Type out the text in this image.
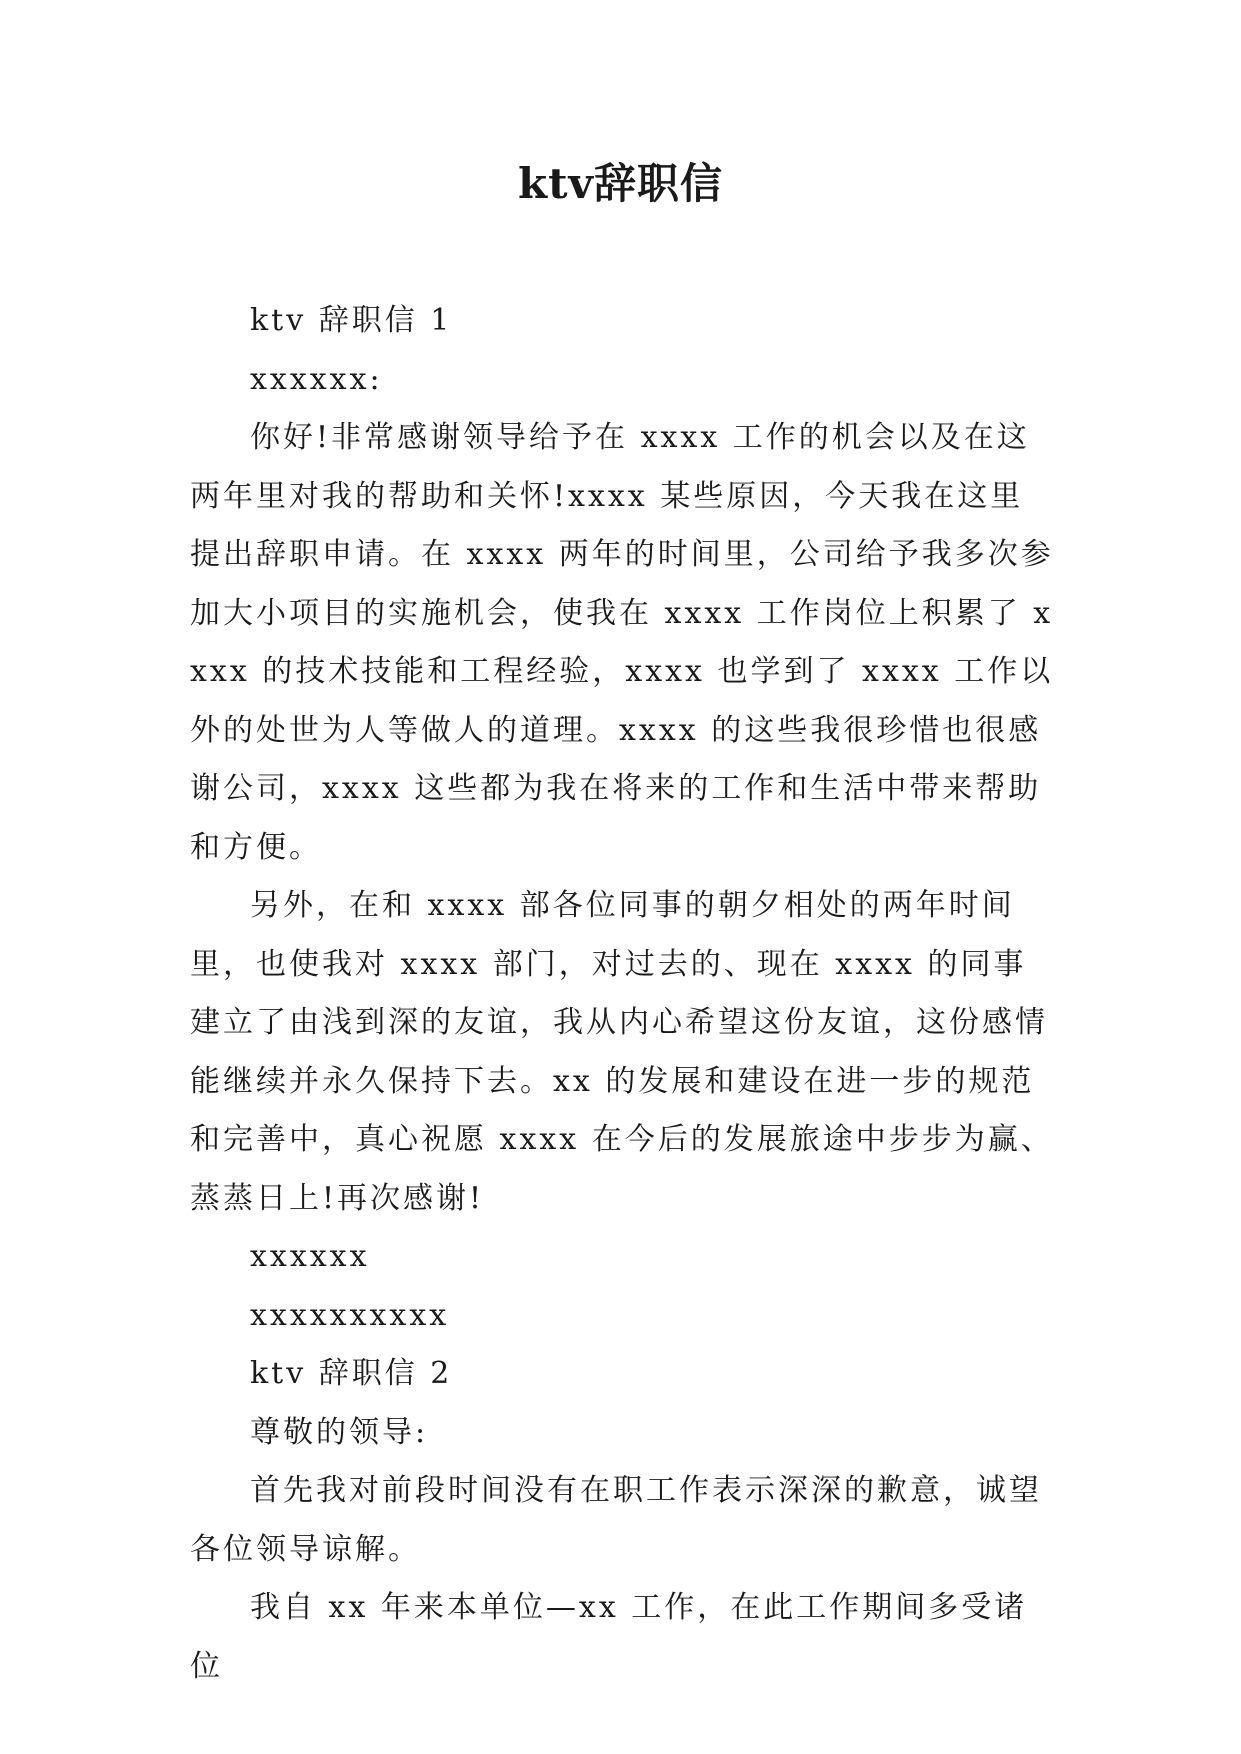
ktv辞职信

ktv 辞职信 1

xxxxxx:

你好!非常感谢领导给予在 xxxx 工作的机会以及在这两年里对我的帮助和关怀!xxxx 某些原因，今天我在这里提出辞职申请。在 xxxx 两年的时间里，公司给予我多次参加大小项目的实施机会，使我在 xxxx 工作岗位上积累了 xxxx 的技术技能和工程经验，xxxx 也学到了 xxxx 工作以外的处世为人等做人的道理。xxxx 的这些我很珍惜也很感谢公司，xxxx 这些都为我在将来的工作和生活中带来帮助和方便。

另外，在和 xxxx 部各位同事的朝夕相处的两年时间里，也使我对 xxxx 部门，对过去的、现在 xxxx 的同事建立了由浅到深的友谊，我从内心希望这份友谊，这份感情能继续并永久保持下去。xx 的发展和建设在进一步的规范和完善中，真心祝愿 xxxx 在今后的发展旅途中步步为赢、蒸蒸日上!再次感谢!

xxxxxx

xxxxxxxxxx

ktv 辞职信 2

尊敬的领导:

首先我对前段时间没有在职工作表示深深的歉意，诚望各位领导谅解。

我自 xx 年来本单位—xx 工作，在此工作期间多受诸位
